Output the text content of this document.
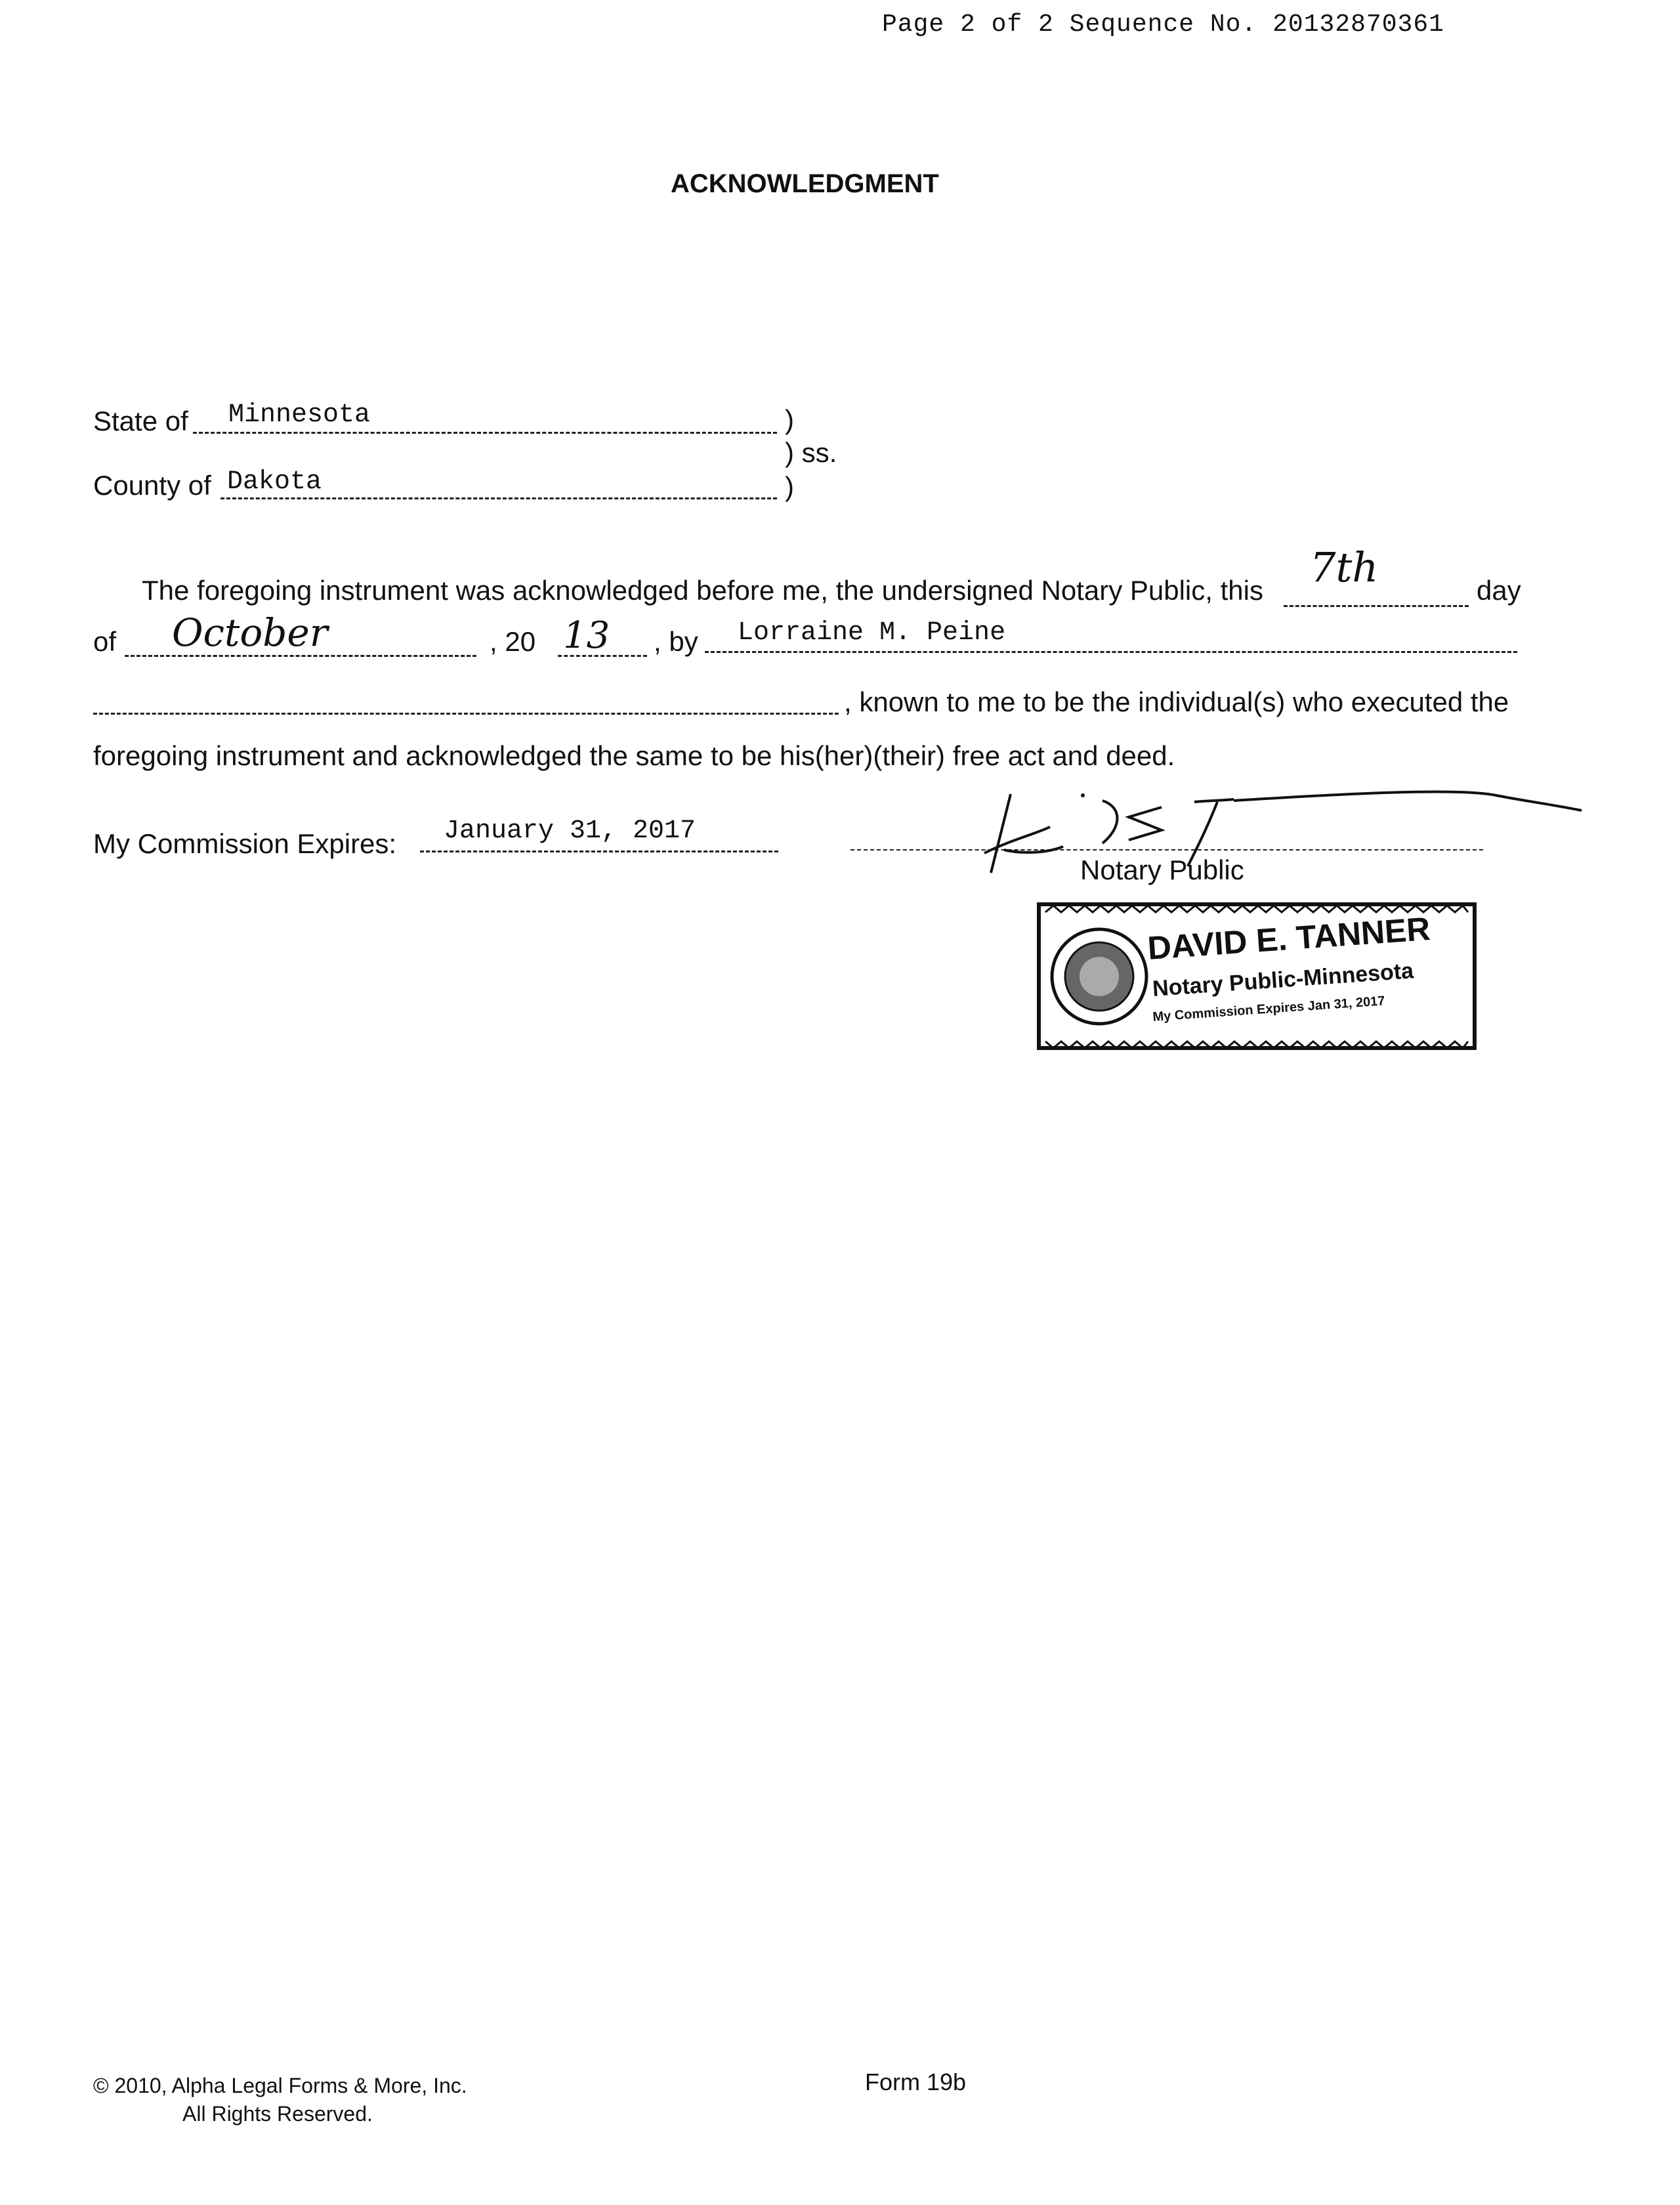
Page 2 of 2 Sequence No. 20132870361
ACKNOWLEDGMENT
State of Minnesota	)
) ss.
County of Dakota	)
The foregoing instrument was acknowledged before me, the undersigned Notary Public, this 7th	day
of October	, 20 13 , by Lorraine M. Peine
, known to me to be the individual(s) who executed the
foregoing instrument and acknowledged the same to be his(her)(their) free act and deed.
My Commission Expires: January 31, 2017
Notary Public
DAVID E. TANNER
Notary Public-Minnesota
My Commission Expires Jan 31, 2017
© 2010, Alpha Legal Forms & More, Inc.
All Rights Reserved.
Form 19b
